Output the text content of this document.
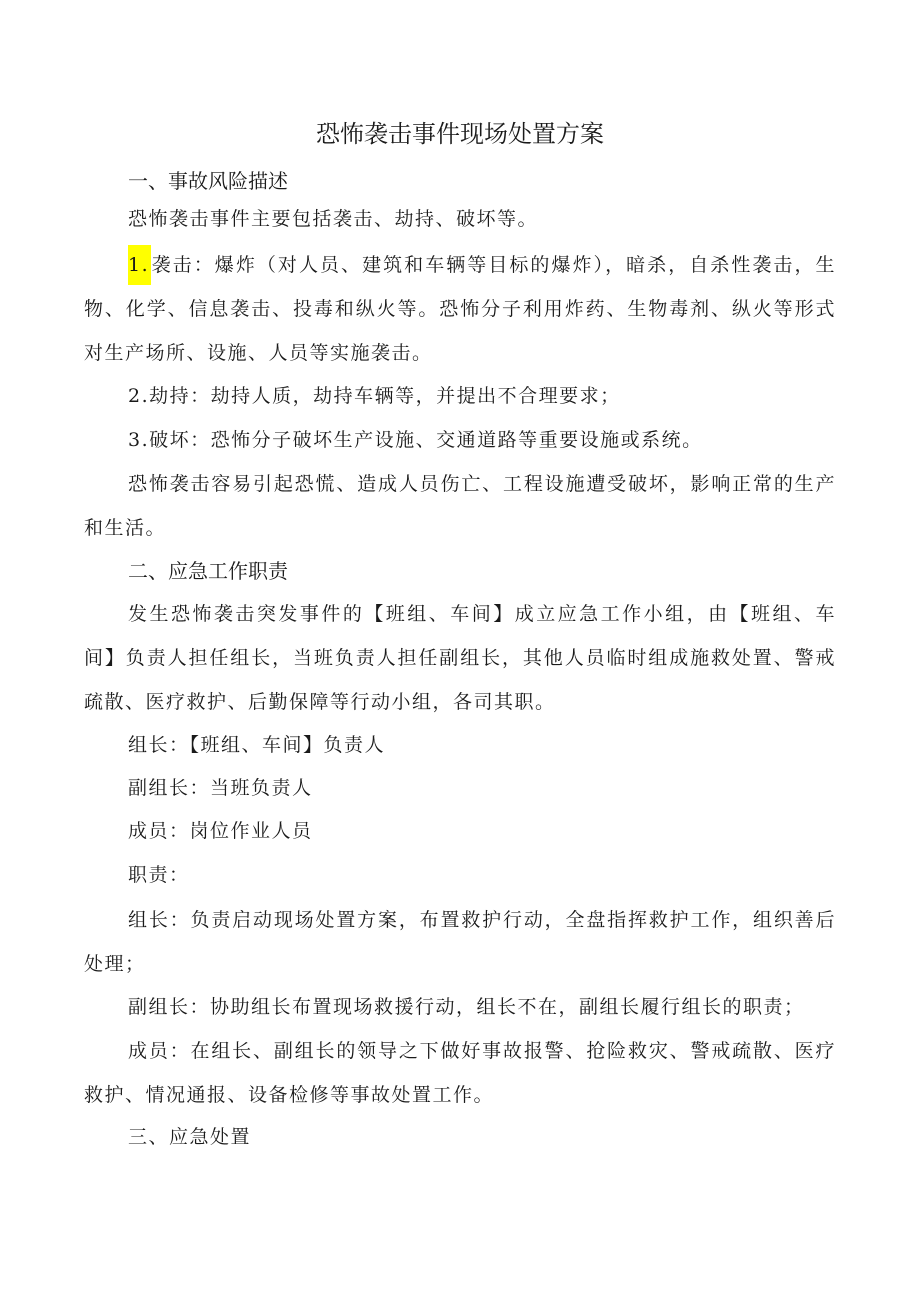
恐怖袭击事件现场处置方案
一、事故风险描述

恐怖袭击事件主要包括袭击、劫持、破坏等。

1. 袭击：爆炸（对人员、建筑和车辆等目标的爆炸），暗杀，自杀性袭击，生物、化学、信息袭击、投毒和纵火等。恐怖分子利用炸药、生物毒剂、纵火等形式对生产场所、设施、人员等实施袭击。

2.劫持：劫持人质，劫持车辆等，并提出不合理要求；

3.破坏：恐怖分子破坏生产设施、交通道路等重要设施或系统。

恐怖袭击容易引起恐慌、造成人员伤亡、工程设施遭受破坏，影响正常的生产和生活。

二、应急工作职责

发生恐怖袭击突发事件的【班组、车间】成立应急工作小组，由【班组、车间】负责人担任组长，当班负责人担任副组长，其他人员临时组成施救处置、警戒疏散、医疗救护、后勤保障等行动小组，各司其职。

组长：【班组、车间】负责人

副组长：当班负责人

成员：岗位作业人员

职责：

组长：负责启动现场处置方案，布置救护行动，全盘指挥救护工作，组织善后处理；

副组长：协助组长布置现场救援行动，组长不在，副组长履行组长的职责；

成员：在组长、副组长的领导之下做好事故报警、抢险救灾、警戒疏散、医疗救护、情况通报、设备检修等事故处置工作。

三、应急处置
